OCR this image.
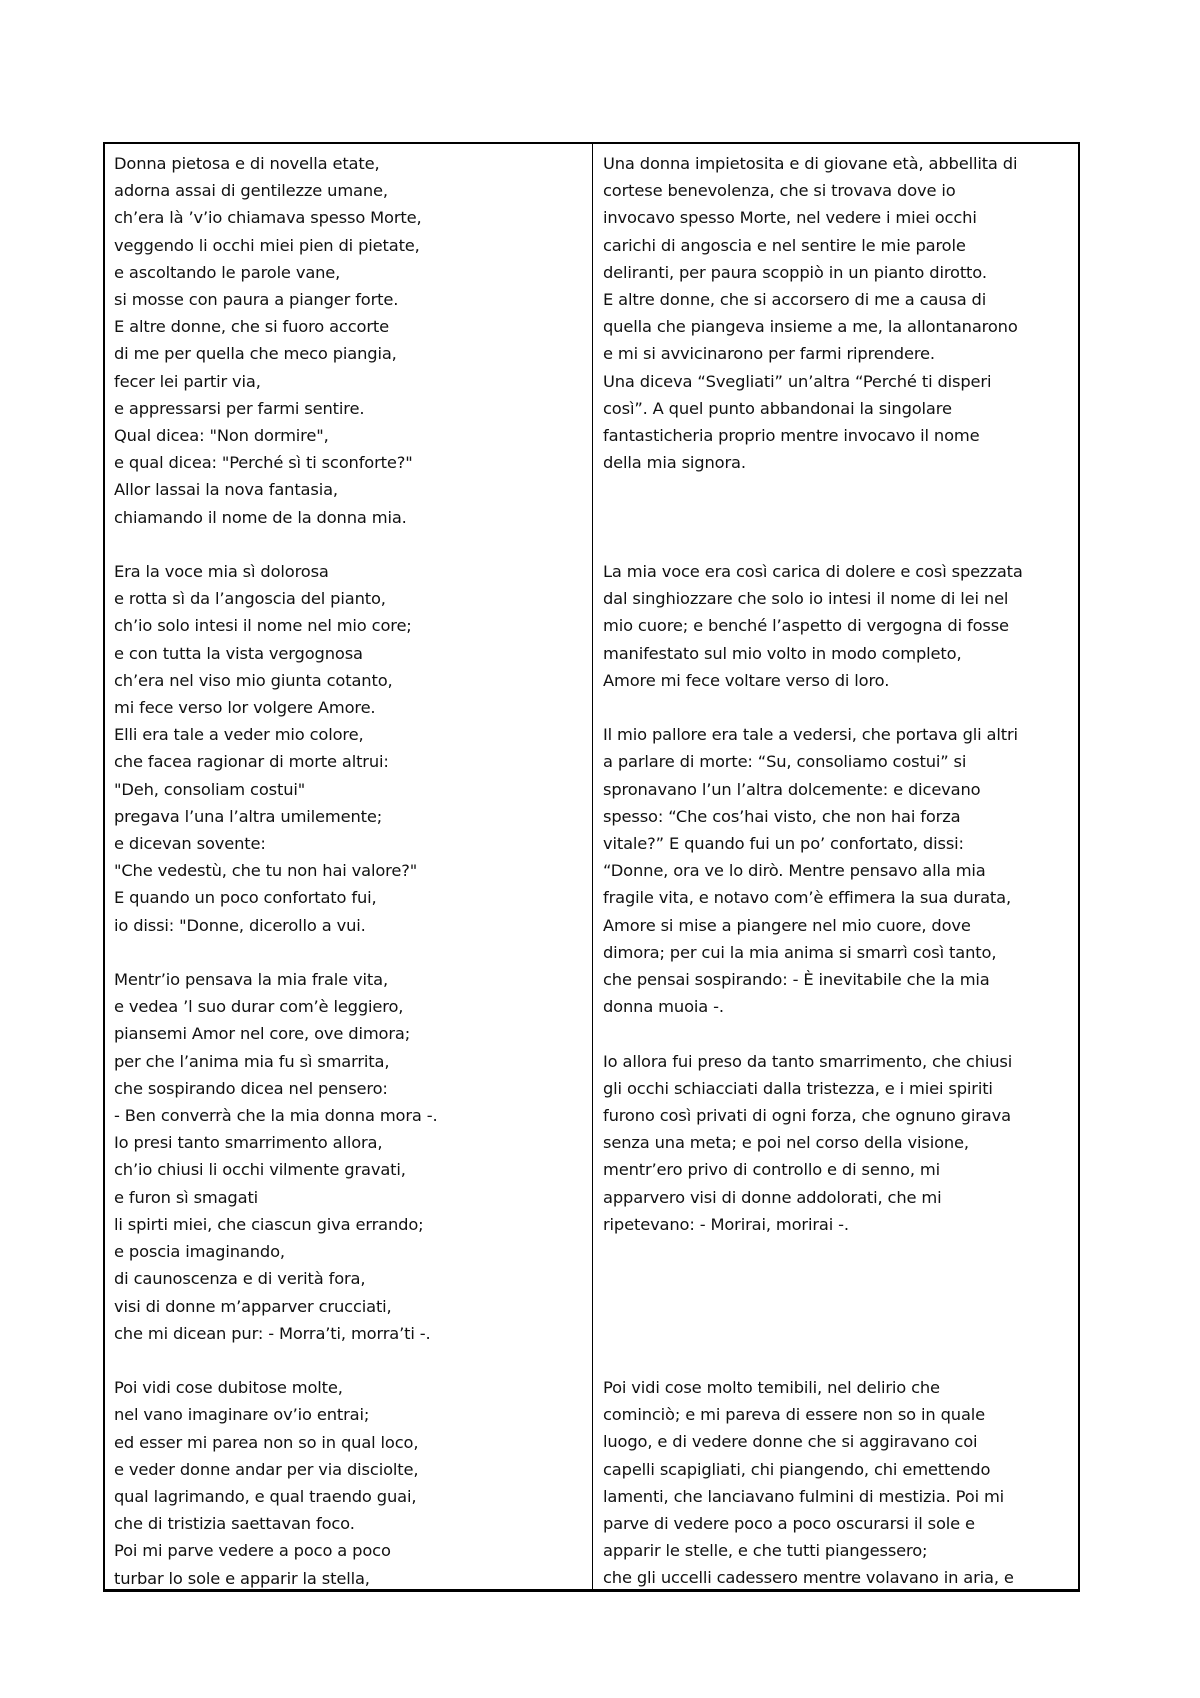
Donna pietosa e di novella etate,
adorna assai di gentilezze umane,
ch’era là ’v’io chiamava spesso Morte,
veggendo li occhi miei pien di pietate,
e ascoltando le parole vane,
si mosse con paura a pianger forte.
E altre donne, che si fuoro accorte
di me per quella che meco piangia,
fecer lei partir via,
e appressarsi per farmi sentire.
Qual dicea: "Non dormire",
e qual dicea: "Perché sì ti sconforte?"
Allor lassai la nova fantasia,
chiamando il nome de la donna mia.
Era la voce mia sì dolorosa
e rotta sì da l’angoscia del pianto,
ch’io solo intesi il nome nel mio core;
e con tutta la vista vergognosa
ch’era nel viso mio giunta cotanto,
mi fece verso lor volgere Amore.
Elli era tale a veder mio colore,
che facea ragionar di morte altrui:
"Deh, consoliam costui"
pregava l’una l’altra umilemente;
e dicevan sovente:
"Che vedestù, che tu non hai valore?"
E quando un poco confortato fui,
io dissi: "Donne, dicerollo a vui.
Mentr’io pensava la mia frale vita,
e vedea ’l suo durar com’è leggiero,
piansemi Amor nel core, ove dimora;
per che l’anima mia fu sì smarrita,
che sospirando dicea nel pensero:
- Ben converrà che la mia donna mora -.
Io presi tanto smarrimento allora,
ch’io chiusi li occhi vilmente gravati,
e furon sì smagati
li spirti miei, che ciascun giva errando;
e poscia imaginando,
di caunoscenza e di verità fora,
visi di donne m’apparver crucciati,
che mi dicean pur: - Morra’ti, morra’ti -.
Poi vidi cose dubitose molte,
nel vano imaginare ov’io entrai;
ed esser mi parea non so in qual loco,
e veder donne andar per via disciolte,
qual lagrimando, e qual traendo guai,
che di tristizia saettavan foco.
Poi mi parve vedere a poco a poco
turbar lo sole e apparir la stella,
Una donna impietosita e di giovane età, abbellita di
cortese benevolenza, che si trovava dove io
invocavo spesso Morte, nel vedere i miei occhi
carichi di angoscia e nel sentire le mie parole
deliranti, per paura scoppiò in un pianto dirotto.
E altre donne, che si accorsero di me a causa di
quella che piangeva insieme a me, la allontanarono
e mi si avvicinarono per farmi riprendere.
Una diceva “Svegliati” un’altra “Perché ti disperi
così”. A quel punto abbandonai la singolare
fantasticheria proprio mentre invocavo il nome
della mia signora.
La mia voce era così carica di dolere e così spezzata
dal singhiozzare che solo io intesi il nome di lei nel
mio cuore; e benché l’aspetto di vergogna di fosse
manifestato sul mio volto in modo completo,
Amore mi fece voltare verso di loro.
Il mio pallore era tale a vedersi, che portava gli altri
a parlare di morte: “Su, consoliamo costui” si
spronavano l’un l’altra dolcemente: e dicevano
spesso: “Che cos’hai visto, che non hai forza
vitale?” E quando fui un po’ confortato, dissi:
“Donne, ora ve lo dirò. Mentre pensavo alla mia
fragile vita, e notavo com’è effimera la sua durata,
Amore si mise a piangere nel mio cuore, dove
dimora; per cui la mia anima si smarrì così tanto,
che pensai sospirando: - È inevitabile che la mia
donna muoia -.
Io allora fui preso da tanto smarrimento, che chiusi
gli occhi schiacciati dalla tristezza, e i miei spiriti
furono così privati di ogni forza, che ognuno girava
senza una meta; e poi nel corso della visione,
mentr’ero privo di controllo e di senno, mi
apparvero visi di donne addolorati, che mi
ripetevano: - Morirai, morirai -.
Poi vidi cose molto temibili, nel delirio che
cominciò; e mi pareva di essere non so in quale
luogo, e di vedere donne che si aggiravano coi
capelli scapigliati, chi piangendo, chi emettendo
lamenti, che lanciavano fulmini di mestizia. Poi mi
parve di vedere poco a poco oscurarsi il sole e
apparir le stelle, e che tutti piangessero;
che gli uccelli cadessero mentre volavano in aria, e
